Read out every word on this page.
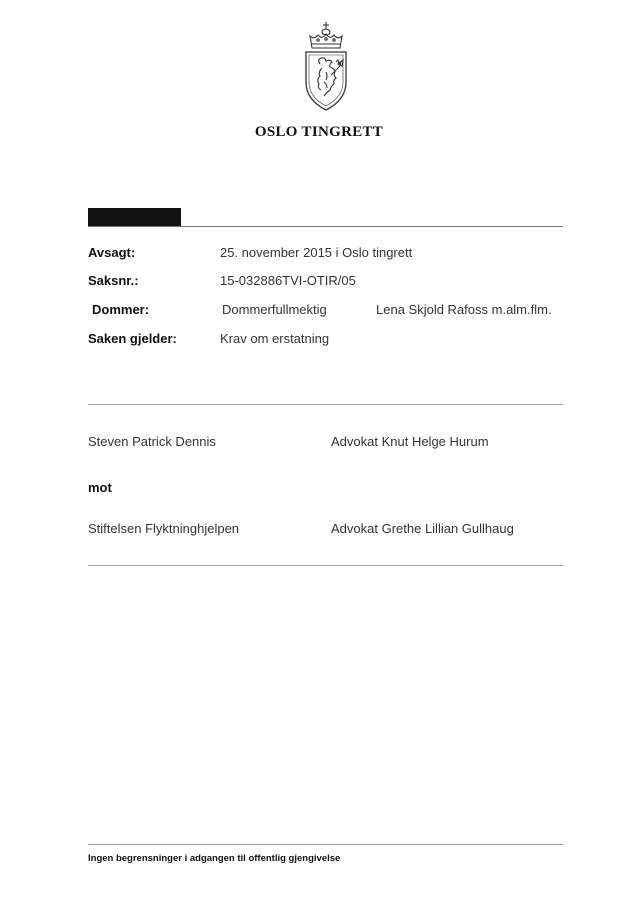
OSLO TINGRETT
Avsagt:	25. november 2015 i Oslo tingrett
Saksnr.:	15-032886TVI-OTIR/05
Dommer:	Dommerfullmektig	Lena Skjold Rafoss m.alm.flm.
Saken gjelder:	Krav om erstatning
Steven Patrick Dennis	Advokat Knut Helge Hurum
mot
Stiftelsen Flyktninghjelpen	Advokat Grethe Lillian Gullhaug
Ingen begrensninger i adgangen til offentlig gjengivelse
